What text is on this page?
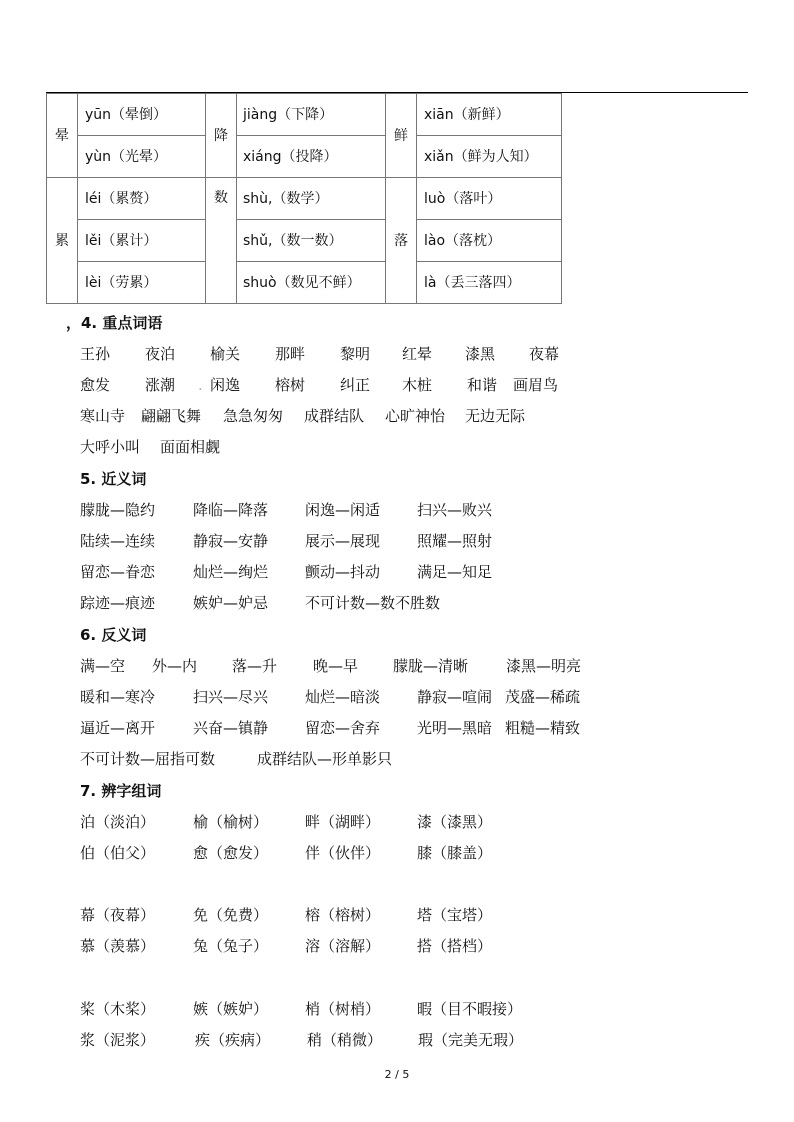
晕	yūn（晕倒）	降	jiàng（下降）	鲜	xiān（新鲜）
	yùn（光晕）		xiáng（投降）		xiǎn（鲜为人知）
累	léi（累赘）	数	shù,（数学）	落	luò（落叶）
	lěi（累计）		shǔ,（数一数）		lào（落枕）
	lèi（劳累）		shuò（数见不鲜）		là（丢三落四）
，4. 重点词语
王孙 夜泊 榆关 那畔 黎明 红晕 漆黑 夜幕
愈发 涨潮 . 闲逸 榕树 纠正 木桩 和谐 画眉鸟
寒山寺 翩翩飞舞 急急匆匆 成群结队 心旷神怡 无边无际
大呼小叫 面面相觑
5. 近义词
朦胧—隐约	降临—降落 闲逸—闲适 扫兴—败兴
陆续—连续	静寂—安静 展示—展现 照耀—照射
留恋—眷恋	灿烂—绚烂 颤动—抖动 满足—知足
踪迹—痕迹	嫉妒—妒忌 不可计数—数不胜数
6. 反义词
满—空 外—内 落—升 晚—早 朦胧—清晰	漆黑—明亮
暖和—寒冷	扫兴—尽兴 灿烂—暗淡 静寂—喧闹 茂盛—稀疏
逼近—离开	兴奋—镇静 留恋—舍弃 光明—黑暗 粗糙—精致
不可计数—屈指可数	成群结队—形单影只
7. 辨字组词
泊（淡泊）	榆（榆树） 畔（湖畔） 漆（漆黑）
伯（伯父）	愈（愈发） 伴（伙伴） 膝（膝盖）
幕（夜幕）	免（免费） 榕（榕树） 塔（宝塔）
慕（羡慕）	兔（兔子） 溶（溶解） 搭（搭档）
桨（木桨）	嫉（嫉妒） 梢（树梢） 暇（目不暇接）
浆（泥浆）	疾（疾病） 稍（稍微） 瑕（完美无瑕）
2 / 5
